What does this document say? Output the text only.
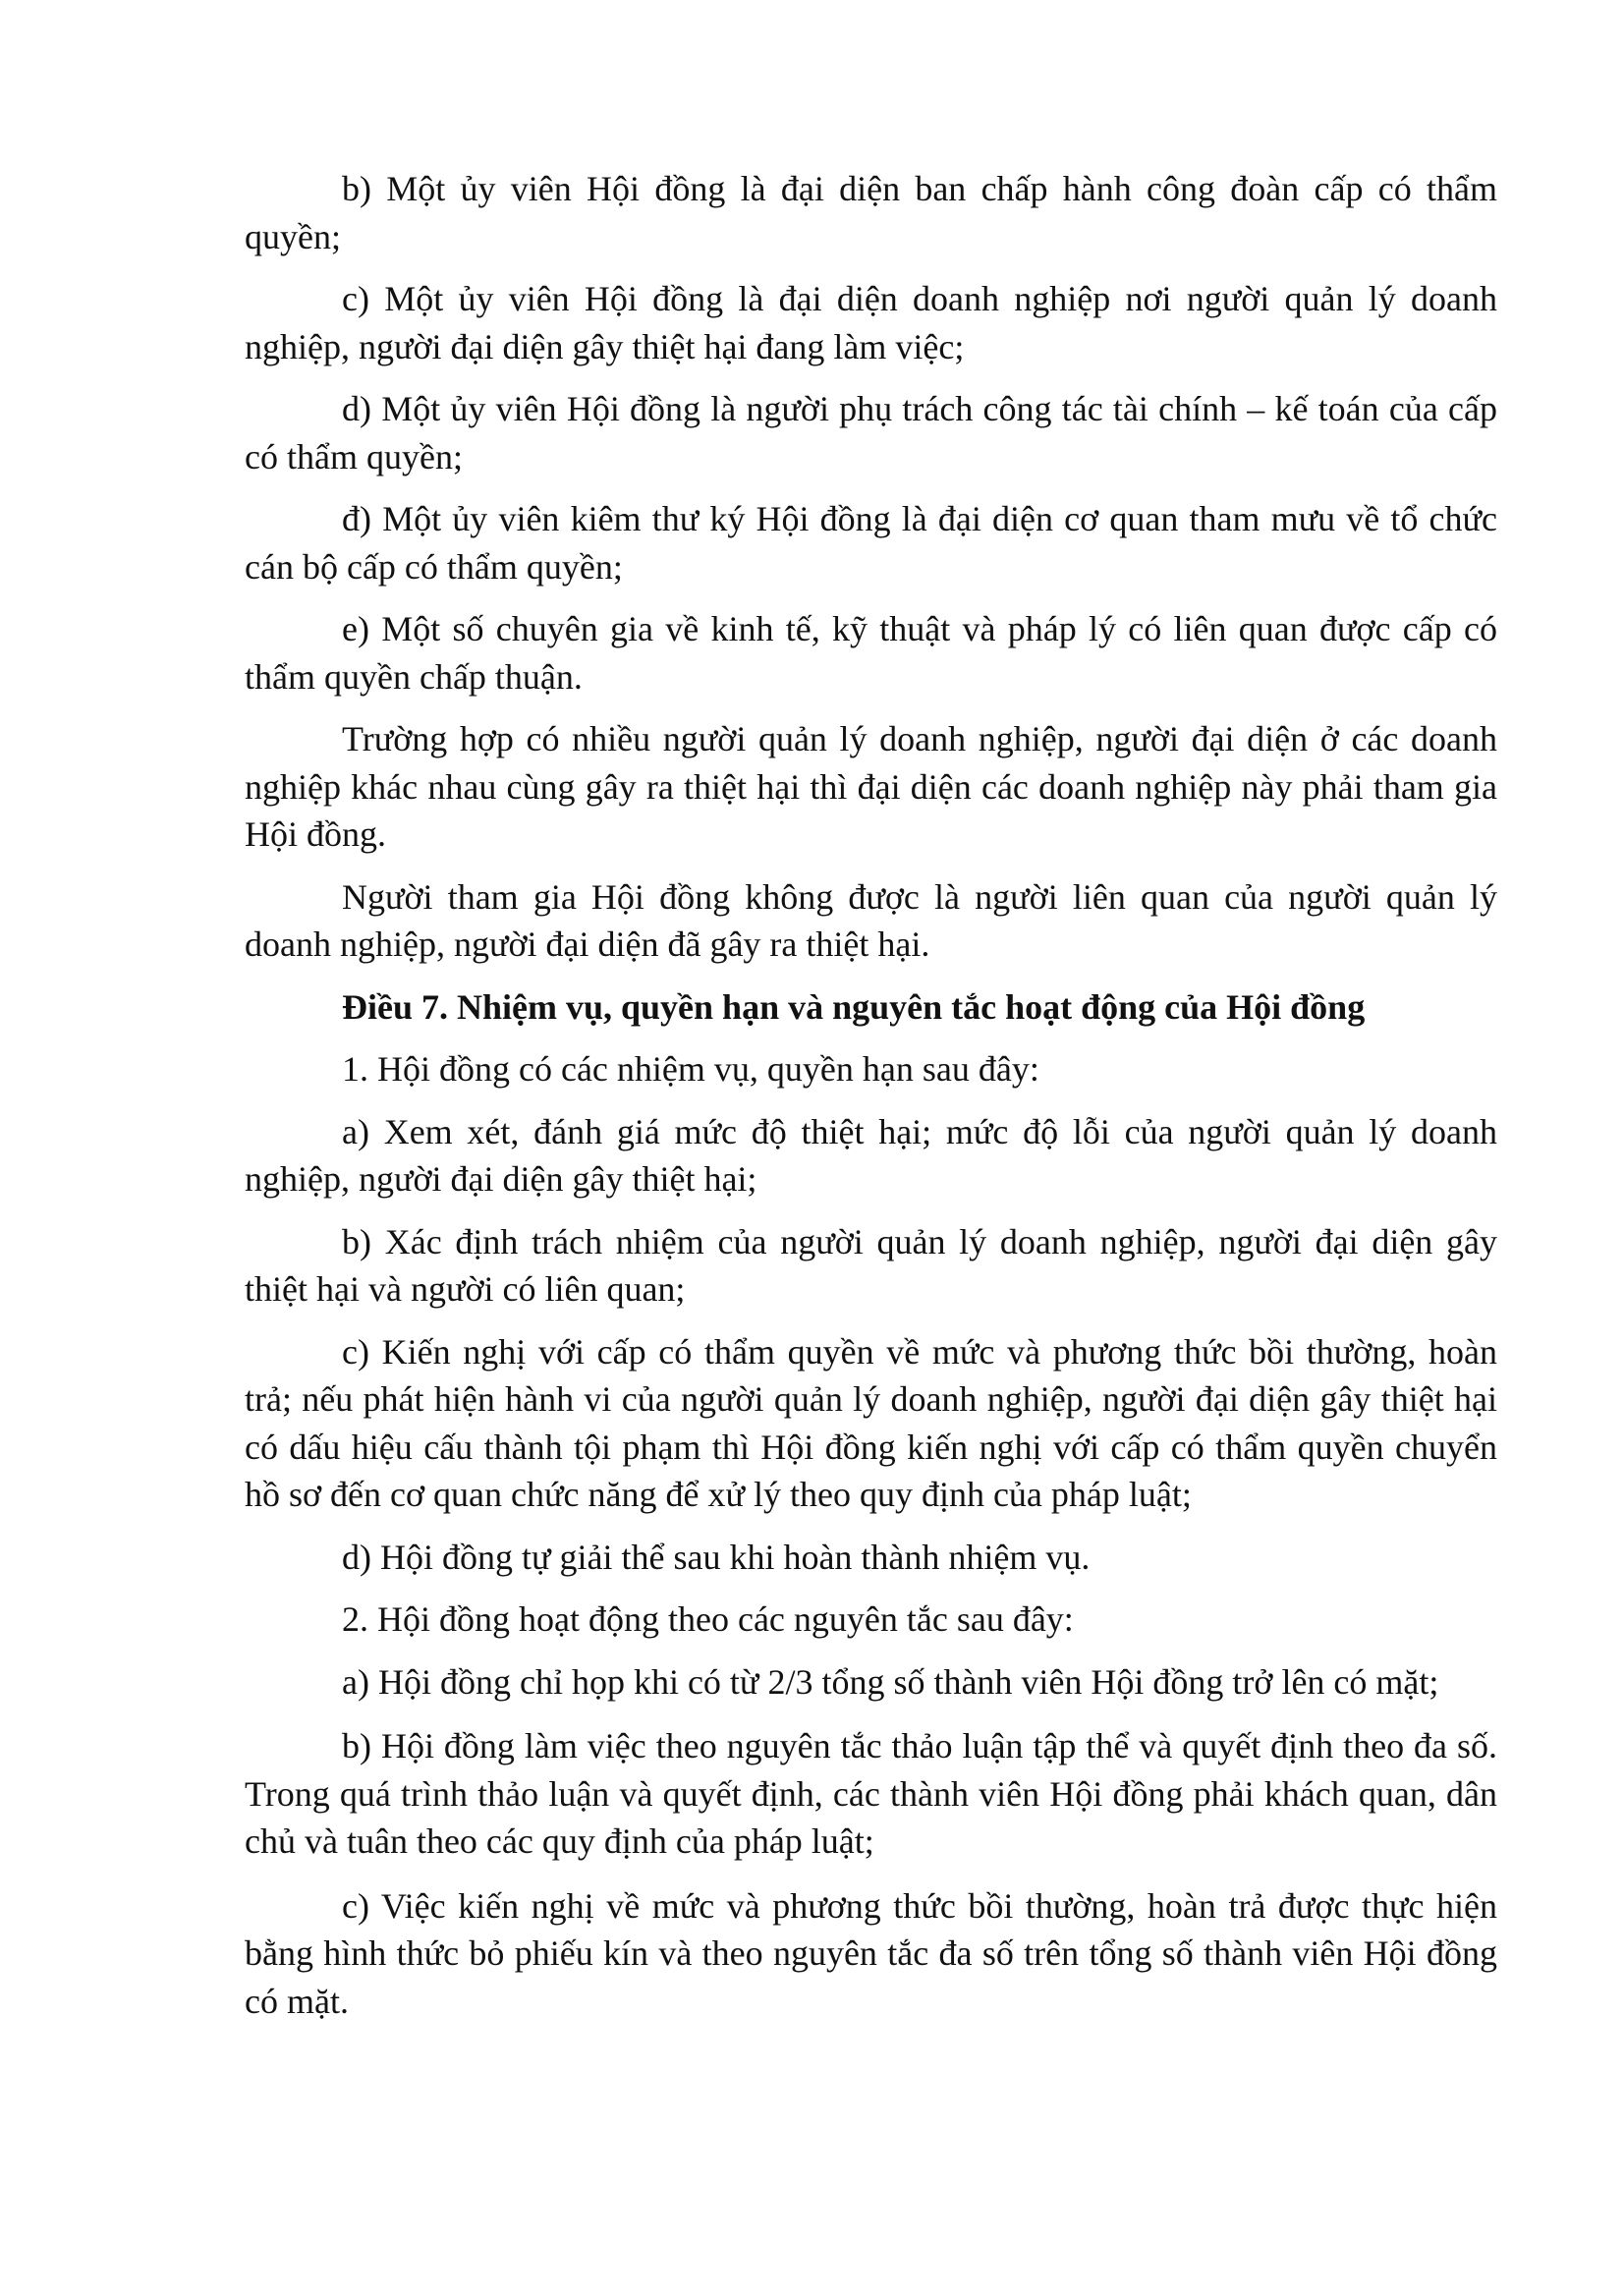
b) Một ủy viên Hội đồng là đại diện ban chấp hành công đoàn cấp có thẩm quyền;

c) Một ủy viên Hội đồng là đại diện doanh nghiệp nơi người quản lý doanh nghiệp, người đại diện gây thiệt hại đang làm việc;

d) Một ủy viên Hội đồng là người phụ trách công tác tài chính – kế toán của cấp có thẩm quyền;

đ) Một ủy viên kiêm thư ký Hội đồng là đại diện cơ quan tham mưu về tổ chức cán bộ cấp có thẩm quyền;

e) Một số chuyên gia về kinh tế, kỹ thuật và pháp lý có liên quan được cấp có thẩm quyền chấp thuận.

Trường hợp có nhiều người quản lý doanh nghiệp, người đại diện ở các doanh nghiệp khác nhau cùng gây ra thiệt hại thì đại diện các doanh nghiệp này phải tham gia Hội đồng.

Người tham gia Hội đồng không được là người liên quan của người quản lý doanh nghiệp, người đại diện đã gây ra thiệt hại.

Điều 7. Nhiệm vụ, quyền hạn và nguyên tắc hoạt động của Hội đồng

1. Hội đồng có các nhiệm vụ, quyền hạn sau đây:

a) Xem xét, đánh giá mức độ thiệt hại; mức độ lỗi của người quản lý doanh nghiệp, người đại diện gây thiệt hại;

b) Xác định trách nhiệm của người quản lý doanh nghiệp, người đại diện gây thiệt hại và người có liên quan;

c) Kiến nghị với cấp có thẩm quyền về mức và phương thức bồi thường, hoàn trả; nếu phát hiện hành vi của người quản lý doanh nghiệp, người đại diện gây thiệt hại có dấu hiệu cấu thành tội phạm thì Hội đồng kiến nghị với cấp có thẩm quyền chuyển hồ sơ đến cơ quan chức năng để xử lý theo quy định của pháp luật;

d) Hội đồng tự giải thể sau khi hoàn thành nhiệm vụ.

2. Hội đồng hoạt động theo các nguyên tắc sau đây:

a) Hội đồng chỉ họp khi có từ 2/3 tổng số thành viên Hội đồng trở lên có mặt;

b) Hội đồng làm việc theo nguyên tắc thảo luận tập thể và quyết định theo đa số. Trong quá trình thảo luận và quyết định, các thành viên Hội đồng phải khách quan, dân chủ và tuân theo các quy định của pháp luật;

c) Việc kiến nghị về mức và phương thức bồi thường, hoàn trả được thực hiện bằng hình thức bỏ phiếu kín và theo nguyên tắc đa số trên tổng số thành viên Hội đồng có mặt.
